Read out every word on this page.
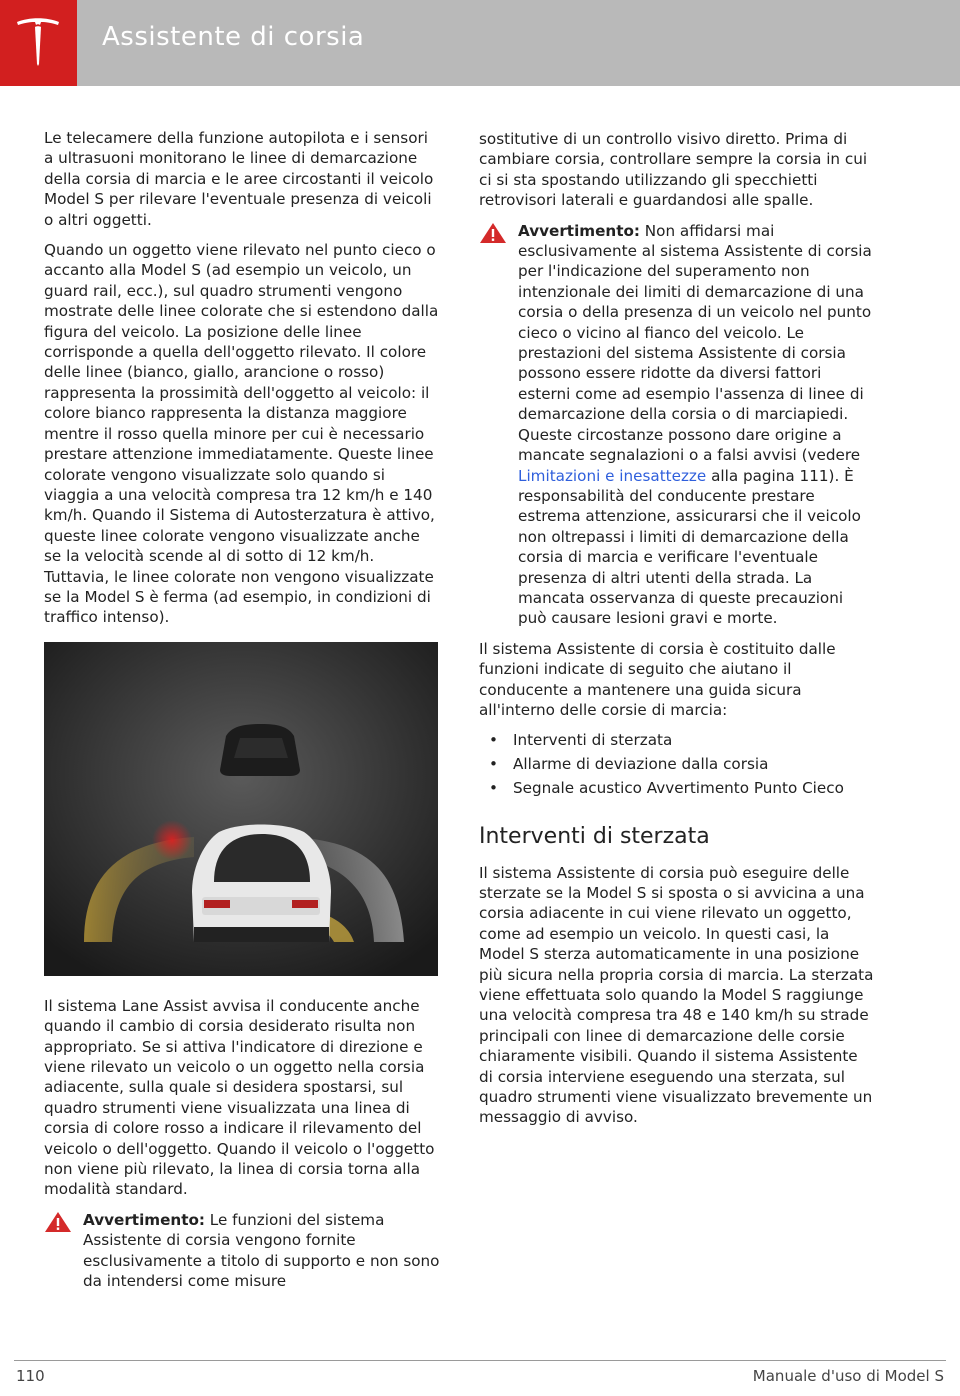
Assistente di corsia

Le telecamere della funzione autopilota e i sensori a ultrasuoni monitorano le linee di demarcazione della corsia di marcia e le aree circostanti il veicolo Model S per rilevare l'eventuale presenza di veicoli o altri oggetti.

Quando un oggetto viene rilevato nel punto cieco o accanto alla Model S (ad esempio un veicolo, un guard rail, ecc.), sul quadro strumenti vengono mostrate delle linee colorate che si estendono dalla figura del veicolo. La posizione delle linee corrisponde a quella dell'oggetto rilevato. Il colore delle linee (bianco, giallo, arancione o rosso) rappresenta la prossimità dell'oggetto al veicolo: il colore bianco rappresenta la distanza maggiore mentre il rosso quella minore per cui è necessario prestare attenzione immediatamente. Queste linee colorate vengono visualizzate solo quando si viaggia a una velocità compresa tra 12 km/h e 140 km/h. Quando il Sistema di Autosterzatura è attivo, queste linee colorate vengono visualizzate anche se la velocità scende al di sotto di 12 km/h. Tuttavia, le linee colorate non vengono visualizzate se la Model S è ferma (ad esempio, in condizioni di traffico intenso).

Il sistema Lane Assist avvisa il conducente anche quando il cambio di corsia desiderato risulta non appropriato. Se si attiva l'indicatore di direzione e viene rilevato un veicolo o un oggetto nella corsia adiacente, sulla quale si desidera spostarsi, sul quadro strumenti viene visualizzata una linea di corsia di colore rosso a indicare il rilevamento del veicolo o dell'oggetto. Quando il veicolo o l'oggetto non viene più rilevato, la linea di corsia torna alla modalità standard.

Avvertimento: Le funzioni del sistema Assistente di corsia vengono fornite esclusivamente a titolo di supporto e non sono da intendersi come misure

sostitutive di un controllo visivo diretto. Prima di cambiare corsia, controllare sempre la corsia in cui ci si sta spostando utilizzando gli specchietti retrovisori laterali e guardandosi alle spalle.

Avvertimento: Non affidarsi mai esclusivamente al sistema Assistente di corsia per l'indicazione del superamento non intenzionale dei limiti di demarcazione di una corsia o della presenza di un veicolo nel punto cieco o vicino al fianco del veicolo. Le prestazioni del sistema Assistente di corsia possono essere ridotte da diversi fattori esterni come ad esempio l'assenza di linee di demarcazione della corsia o di marciapiedi. Queste circostanze possono dare origine a mancate segnalazioni o a falsi avvisi (vedere Limitazioni e inesattezze alla pagina 111). È responsabilità del conducente prestare estrema attenzione, assicurarsi che il veicolo non oltrepassi i limiti di demarcazione della corsia di marcia e verificare l'eventuale presenza di altri utenti della strada. La mancata osservanza di queste precauzioni può causare lesioni gravi e morte.

Il sistema Assistente di corsia è costituito dalle funzioni indicate di seguito che aiutano il conducente a mantenere una guida sicura all'interno delle corsie di marcia:

• Interventi di sterzata
• Allarme di deviazione dalla corsia
• Segnale acustico Avvertimento Punto Cieco
Interventi di sterzata

Il sistema Assistente di corsia può eseguire delle sterzate se la Model S si sposta o si avvicina a una corsia adiacente in cui viene rilevato un oggetto, come ad esempio un veicolo. In questi casi, la Model S sterza automaticamente in una posizione più sicura nella propria corsia di marcia. La sterzata viene effettuata solo quando la Model S raggiunge una velocità compresa tra 48 e 140 km/h su strade principali con linee di demarcazione delle corsie chiaramente visibili. Quando il sistema Assistente di corsia interviene eseguendo una sterzata, sul quadro strumenti viene visualizzato brevemente un messaggio di avviso.

110	Manuale d'uso di Model S
